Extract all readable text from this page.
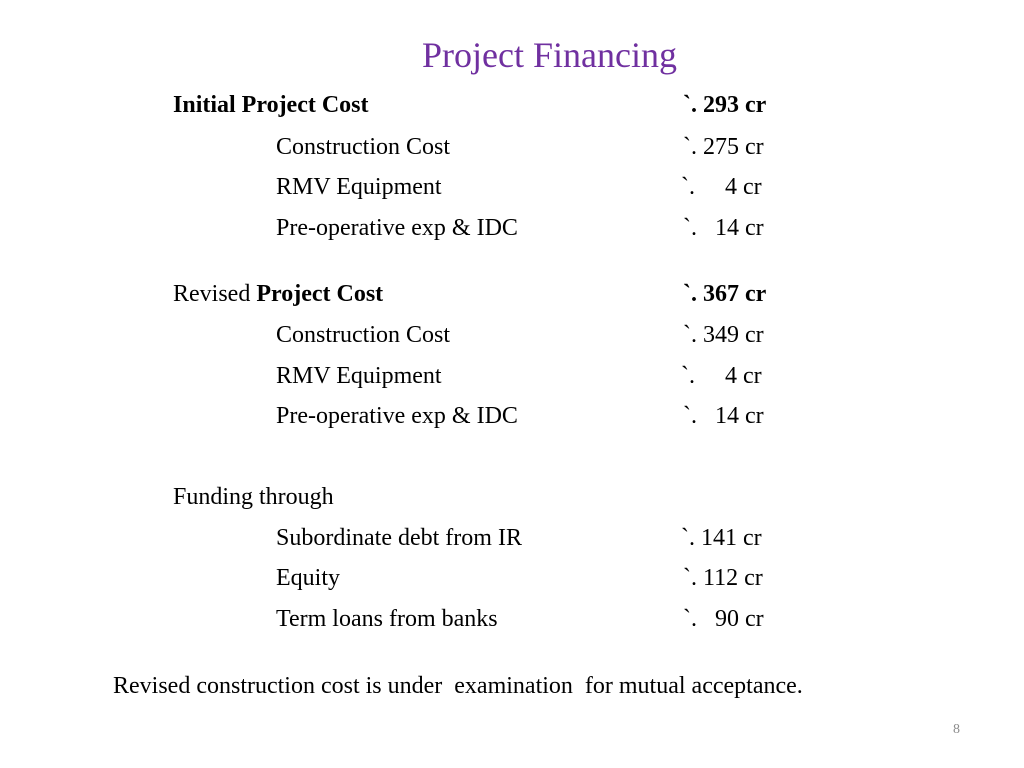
Project Financing
Initial Project Cost	`. 293 cr
Construction Cost	`. 275 cr
RMV Equipment	`.     4 cr
Pre-operative exp & IDC	`.   14 cr
Revised Project Cost	`. 367 cr
Construction Cost	`. 349 cr
RMV Equipment	`.     4 cr
Pre-operative exp & IDC	`.   14 cr
Funding through
Subordinate debt from IR	`. 141 cr
Equity	`. 112 cr
Term loans from banks	`.   90 cr
Revised construction cost is under  examination  for mutual acceptance.
8
